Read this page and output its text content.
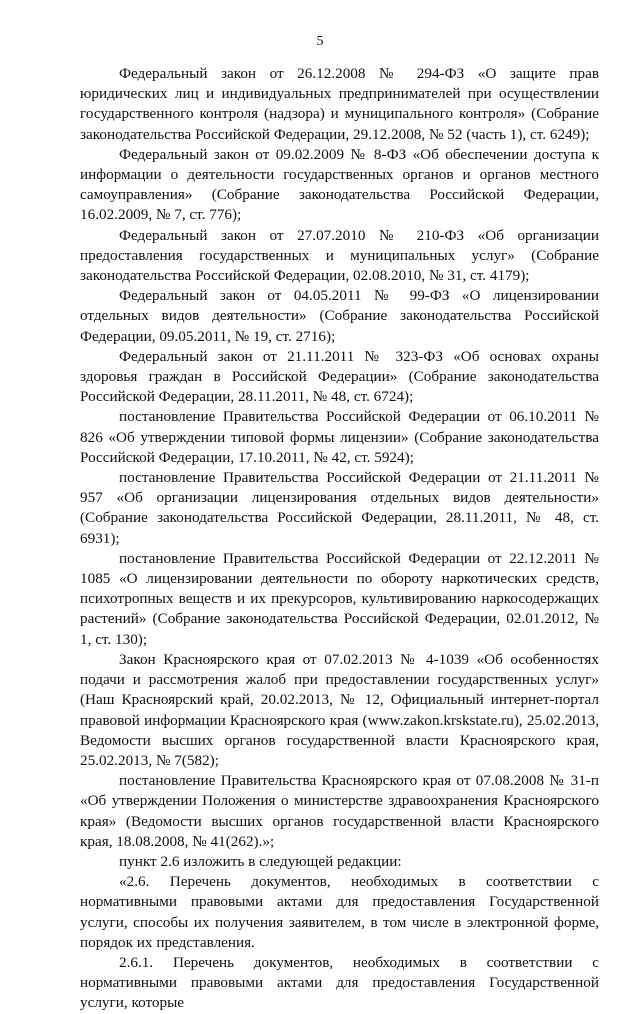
5

Федеральный закон от 26.12.2008 № 294-ФЗ «О защите прав юридических лиц и индивидуальных предпринимателей при осуществлении государственного контроля (надзора) и муниципального контроля» (Собрание законодательства Российской Федерации, 29.12.2008, № 52 (часть 1), ст. 6249);

Федеральный закон от 09.02.2009 № 8-ФЗ «Об обеспечении доступа к информации о деятельности государственных органов и органов местного самоуправления» (Собрание законодательства Российской Федерации, 16.02.2009, № 7, ст. 776);

Федеральный закон от 27.07.2010 № 210-ФЗ «Об организации предоставления государственных и муниципальных услуг» (Собрание законодательства Российской Федерации, 02.08.2010, № 31, ст. 4179);

Федеральный закон от 04.05.2011 № 99-ФЗ «О лицензировании отдельных видов деятельности» (Собрание законодательства Российской Федерации, 09.05.2011, № 19, ст. 2716);

Федеральный закон от 21.11.2011 № 323-ФЗ «Об основах охраны здоровья граждан в Российской Федерации» (Собрание законодательства Российской Федерации, 28.11.2011, № 48, ст. 6724);

постановление Правительства Российской Федерации от 06.10.2011 № 826 «Об утверждении типовой формы лицензии» (Собрание законодательства Российской Федерации, 17.10.2011, № 42, ст. 5924);

постановление Правительства Российской Федерации от 21.11.2011 № 957 «Об организации лицензирования отдельных видов деятельности» (Собрание законодательства Российской Федерации, 28.11.2011, № 48, ст. 6931);

постановление Правительства Российской Федерации от 22.12.2011 № 1085 «О лицензировании деятельности по обороту наркотических средств, психотропных веществ и их прекурсоров, культивированию наркосодержащих растений» (Собрание законодательства Российской Федерации, 02.01.2012, № 1, ст. 130);

Закон Красноярского края от 07.02.2013 № 4-1039 «Об особенностях подачи и рассмотрения жалоб при предоставлении государственных услуг» (Наш Красноярский край, 20.02.2013, № 12, Официальный интернет-портал правовой информации Красноярского края (www.zakon.krskstate.ru), 25.02.2013, Ведомости высших органов государственной власти Красноярского края, 25.02.2013, № 7(582);

постановление Правительства Красноярского края от 07.08.2008 № 31-п «Об утверждении Положения о министерстве здравоохранения Красноярского края» (Ведомости высших органов государственной власти Красноярского края, 18.08.2008, № 41(262).»;

пункт 2.6 изложить в следующей редакции:

«2.6. Перечень документов, необходимых в соответствии с нормативными правовыми актами для предоставления Государственной услуги, способы их получения заявителем, в том числе в электронной форме, порядок их представления.

2.6.1. Перечень документов, необходимых в соответствии с нормативными правовыми актами для предоставления Государственной услуги, которые
